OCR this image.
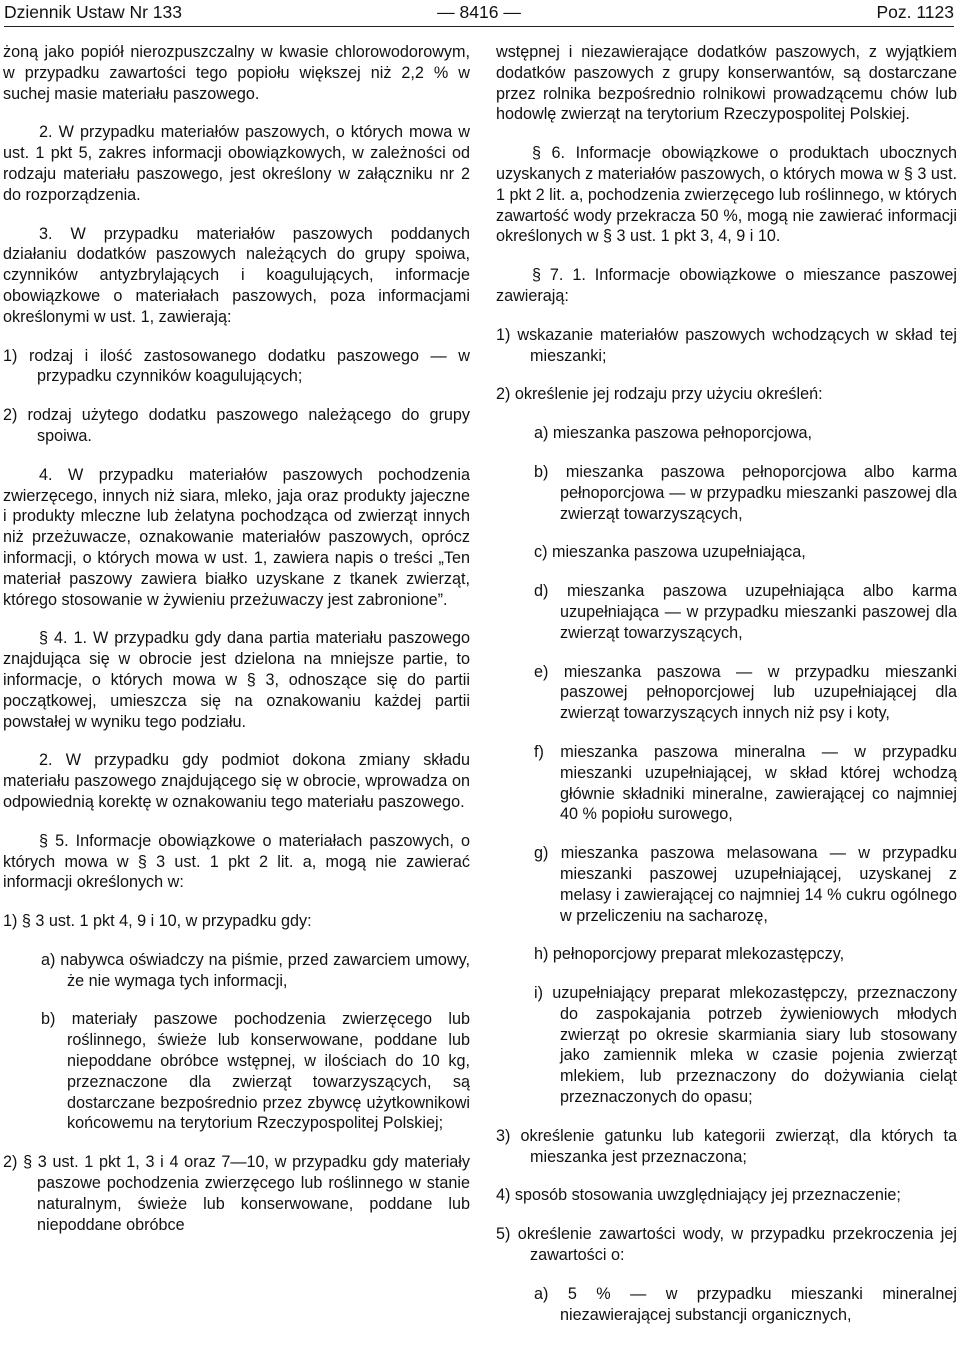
Dziennik Ustaw Nr 133	— 8416 —	Poz. 1123

żoną jako popiół nierozpuszczalny w kwasie chlorowodorowym, w przypadku zawartości tego popiołu większej niż 2,2 % w suchej masie materiału paszowego.

2. W przypadku materiałów paszowych, o których mowa w ust. 1 pkt 5, zakres informacji obowiązkowych, w zależności od rodzaju materiału paszowego, jest określony w załączniku nr 2 do rozporządzenia.

3. W przypadku materiałów paszowych poddanych działaniu dodatków paszowych należących do grupy spoiwa, czynników antyzbrylających i koagulujących, informacje obowiązkowe o materiałach paszowych, poza informacjami określonymi w ust. 1, zawierają:

1) rodzaj i ilość zastosowanego dodatku paszowego — w przypadku czynników koagulujących;

2) rodzaj użytego dodatku paszowego należącego do grupy spoiwa.

4. W przypadku materiałów paszowych pochodzenia zwierzęcego, innych niż siara, mleko, jaja oraz produkty jajeczne i produkty mleczne lub żelatyna pochodząca od zwierząt innych niż przeżuwacze, oznakowanie materiałów paszowych, oprócz informacji, o których mowa w ust. 1, zawiera napis o treści „Ten materiał paszowy zawiera białko uzyskane z tkanek zwierząt, którego stosowanie w żywieniu przeżuwaczy jest zabronione”.

§ 4. 1. W przypadku gdy dana partia materiału paszowego znajdująca się w obrocie jest dzielona na mniejsze partie, to informacje, o których mowa w § 3, odnoszące się do partii początkowej, umieszcza się na oznakowaniu każdej partii powstałej w wyniku tego podziału.

2. W przypadku gdy podmiot dokona zmiany składu materiału paszowego znajdującego się w obrocie, wprowadza on odpowiednią korektę w oznakowaniu tego materiału paszowego.

§ 5. Informacje obowiązkowe o materiałach paszowych, o których mowa w § 3 ust. 1 pkt 2 lit. a, mogą nie zawierać informacji określonych w:

1) § 3 ust. 1 pkt 4, 9 i 10, w przypadku gdy:

a) nabywca oświadczy na piśmie, przed zawarciem umowy, że nie wymaga tych informacji,

b) materiały paszowe pochodzenia zwierzęcego lub roślinnego, świeże lub konserwowane, poddane lub niepoddane obróbce wstępnej, w ilościach do 10 kg, przeznaczone dla zwierząt towarzyszących, są dostarczane bezpośrednio przez zbywcę użytkownikowi końcowemu na terytorium Rzeczypospolitej Polskiej;

2) § 3 ust. 1 pkt 1, 3 i 4 oraz 7—10, w przypadku gdy materiały paszowe pochodzenia zwierzęcego lub roślinnego w stanie naturalnym, świeże lub konserwowane, poddane lub niepoddane obróbce

wstępnej i niezawierające dodatków paszowych, z wyjątkiem dodatków paszowych z grupy konserwantów, są dostarczane przez rolnika bezpośrednio rolnikowi prowadzącemu chów lub hodowlę zwierząt na terytorium Rzeczypospolitej Polskiej.

§ 6. Informacje obowiązkowe o produktach ubocznych uzyskanych z materiałów paszowych, o których mowa w § 3 ust. 1 pkt 2 lit. a, pochodzenia zwierzęcego lub roślinnego, w których zawartość wody przekracza 50 %, mogą nie zawierać informacji określonych w § 3 ust. 1 pkt 3, 4, 9 i 10.

§ 7. 1. Informacje obowiązkowe o mieszance paszowej zawierają:

1) wskazanie materiałów paszowych wchodzących w skład tej mieszanki;

2) określenie jej rodzaju przy użyciu określeń:

a) mieszanka paszowa pełnoporcjowa,

b) mieszanka paszowa pełnoporcjowa albo karma pełnoporcjowa — w przypadku mieszanki paszowej dla zwierząt towarzyszących,

c) mieszanka paszowa uzupełniająca,

d) mieszanka paszowa uzupełniająca albo karma uzupełniająca — w przypadku mieszanki paszowej dla zwierząt towarzyszących,

e) mieszanka paszowa — w przypadku mieszanki paszowej pełnoporcjowej lub uzupełniającej dla zwierząt towarzyszących innych niż psy i koty,

f) mieszanka paszowa mineralna — w przypadku mieszanki uzupełniającej, w skład której wchodzą głównie składniki mineralne, zawierającej co najmniej 40 % popiołu surowego,

g) mieszanka paszowa melasowana — w przypadku mieszanki paszowej uzupełniającej, uzyskanej z melasy i zawierającej co najmniej 14 % cukru ogólnego w przeliczeniu na sacharozę,

h) pełnoporcjowy preparat mlekozastępczy,

i) uzupełniający preparat mlekozastępczy, przeznaczony do zaspokajania potrzeb żywieniowych młodych zwierząt po okresie skarmiania siary lub stosowany jako zamiennik mleka w czasie pojenia zwierząt mlekiem, lub przeznaczony do dożywiania cieląt przeznaczonych do opasu;

3) określenie gatunku lub kategorii zwierząt, dla których ta mieszanka jest przeznaczona;

4) sposób stosowania uwzględniający jej przeznaczenie;

5) określenie zawartości wody, w przypadku przekroczenia jej zawartości o:

a) 5 % — w przypadku mieszanki mineralnej niezawierającej substancji organicznych,
